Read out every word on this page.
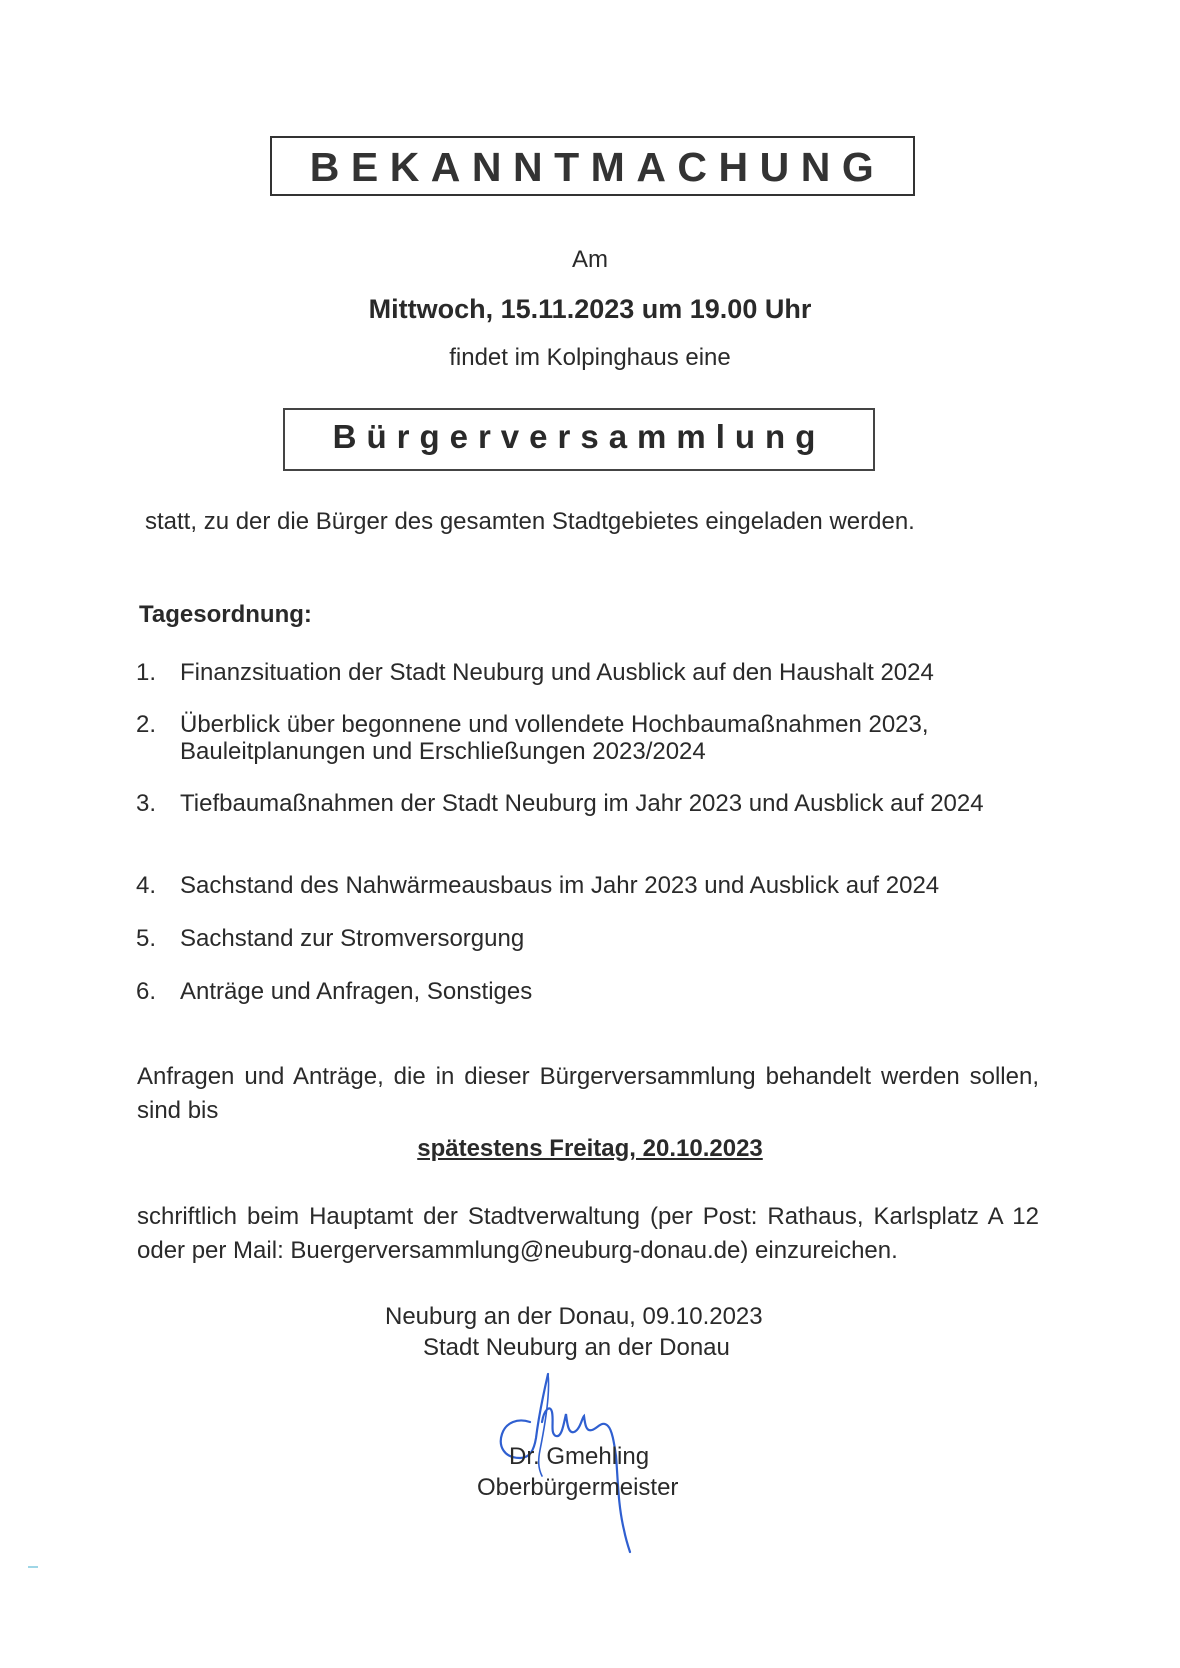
BEKANNTMACHUNG
Am
Mittwoch, 15.11.2023 um 19.00 Uhr
findet im Kolpinghaus eine
Bürgerversammlung
statt, zu der die Bürger des gesamten Stadtgebietes eingeladen werden.
Tagesordnung:
1. Finanzsituation der Stadt Neuburg und Ausblick auf den Haushalt 2024
2. Überblick über begonnene und vollendete Hochbaumaßnahmen 2023, Bauleitplanungen und Erschließungen 2023/2024
3. Tiefbaumaßnahmen der Stadt Neuburg im Jahr 2023 und Ausblick auf 2024
4. Sachstand des Nahwärmeausbaus im Jahr 2023 und Ausblick auf 2024
5. Sachstand zur Stromversorgung
6. Anträge und Anfragen, Sonstiges
Anfragen und Anträge, die in dieser Bürgerversammlung behandelt werden sollen, sind bis
spätestens Freitag, 20.10.2023
schriftlich beim Hauptamt der Stadtverwaltung (per Post: Rathaus, Karlsplatz A 12 oder per Mail: Buergerversammlung@neuburg-donau.de) einzureichen.
Neuburg an der Donau, 09.10.2023
Stadt Neuburg an der Donau
Dr. Gmehling
Oberbürgermeister
